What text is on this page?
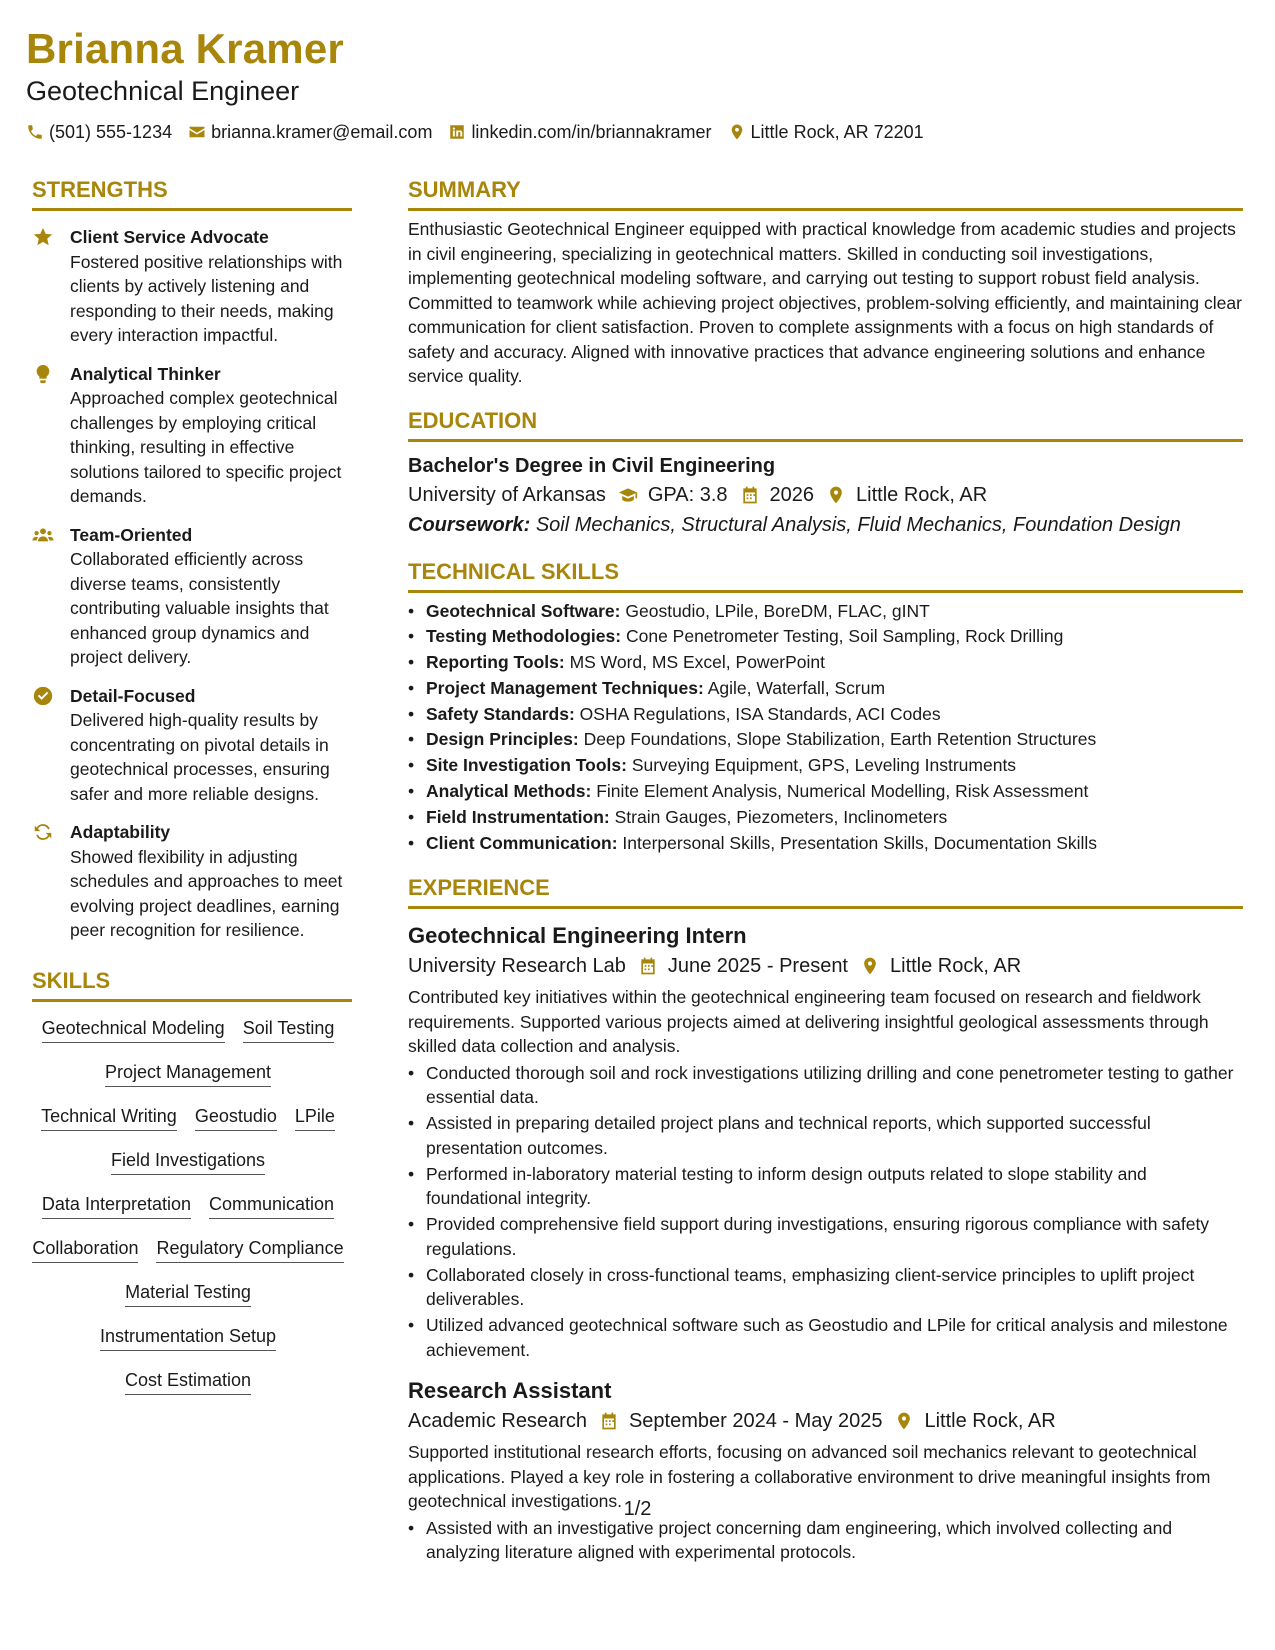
Brianna Kramer
Geotechnical Engineer
(501) 555-1234 brianna.kramer@email.com linkedin.com/in/briannakramer Little Rock, AR 72201
STRENGTHS
Client Service Advocate
Fostered positive relationships with clients by actively listening and responding to their needs, making every interaction impactful.
Analytical Thinker
Approached complex geotechnical challenges by employing critical thinking, resulting in effective solutions tailored to specific project demands.
Team-Oriented
Collaborated efficiently across diverse teams, consistently contributing valuable insights that enhanced group dynamics and project delivery.
Detail-Focused
Delivered high-quality results by concentrating on pivotal details in geotechnical processes, ensuring safer and more reliable designs.
Adaptability
Showed flexibility in adjusting schedules and approaches to meet evolving project deadlines, earning peer recognition for resilience.
SKILLS
Geotechnical Modeling Soil Testing
Project Management
Technical Writing Geostudio LPile
Field Investigations
Data Interpretation Communication
Collaboration Regulatory Compliance
Material Testing
Instrumentation Setup
Cost Estimation
SUMMARY
Enthusiastic Geotechnical Engineer equipped with practical knowledge from academic studies and projects in civil engineering, specializing in geotechnical matters. Skilled in conducting soil investigations, implementing geotechnical modeling software, and carrying out testing to support robust field analysis. Committed to teamwork while achieving project objectives, problem-solving efficiently, and maintaining clear communication for client satisfaction. Proven to complete assignments with a focus on high standards of safety and accuracy. Aligned with innovative practices that advance engineering solutions and enhance service quality.
EDUCATION
Bachelor's Degree in Civil Engineering
University of Arkansas GPA: 3.8 2026 Little Rock, AR
Coursework: Soil Mechanics, Structural Analysis, Fluid Mechanics, Foundation Design
TECHNICAL SKILLS
• Geotechnical Software: Geostudio, LPile, BoreDM, FLAC, gINT
• Testing Methodologies: Cone Penetrometer Testing, Soil Sampling, Rock Drilling
• Reporting Tools: MS Word, MS Excel, PowerPoint
• Project Management Techniques: Agile, Waterfall, Scrum
• Safety Standards: OSHA Regulations, ISA Standards, ACI Codes
• Design Principles: Deep Foundations, Slope Stabilization, Earth Retention Structures
• Site Investigation Tools: Surveying Equipment, GPS, Leveling Instruments
• Analytical Methods: Finite Element Analysis, Numerical Modelling, Risk Assessment
• Field Instrumentation: Strain Gauges, Piezometers, Inclinometers
• Client Communication: Interpersonal Skills, Presentation Skills, Documentation Skills
EXPERIENCE
Geotechnical Engineering Intern
University Research Lab June 2025 - Present Little Rock, AR
Contributed key initiatives within the geotechnical engineering team focused on research and fieldwork requirements. Supported various projects aimed at delivering insightful geological assessments through skilled data collection and analysis.
• Conducted thorough soil and rock investigations utilizing drilling and cone penetrometer testing to gather essential data.
• Assisted in preparing detailed project plans and technical reports, which supported successful presentation outcomes.
• Performed in-laboratory material testing to inform design outputs related to slope stability and foundational integrity.
• Provided comprehensive field support during investigations, ensuring rigorous compliance with safety regulations.
• Collaborated closely in cross-functional teams, emphasizing client-service principles to uplift project deliverables.
• Utilized advanced geotechnical software such as Geostudio and LPile for critical analysis and milestone achievement.
Research Assistant
Academic Research September 2024 - May 2025 Little Rock, AR
Supported institutional research efforts, focusing on advanced soil mechanics relevant to geotechnical applications. Played a key role in fostering a collaborative environment to drive meaningful insights from geotechnical investigations.
• Assisted with an investigative project concerning dam engineering, which involved collecting and analyzing literature aligned with experimental protocols.
1/2
